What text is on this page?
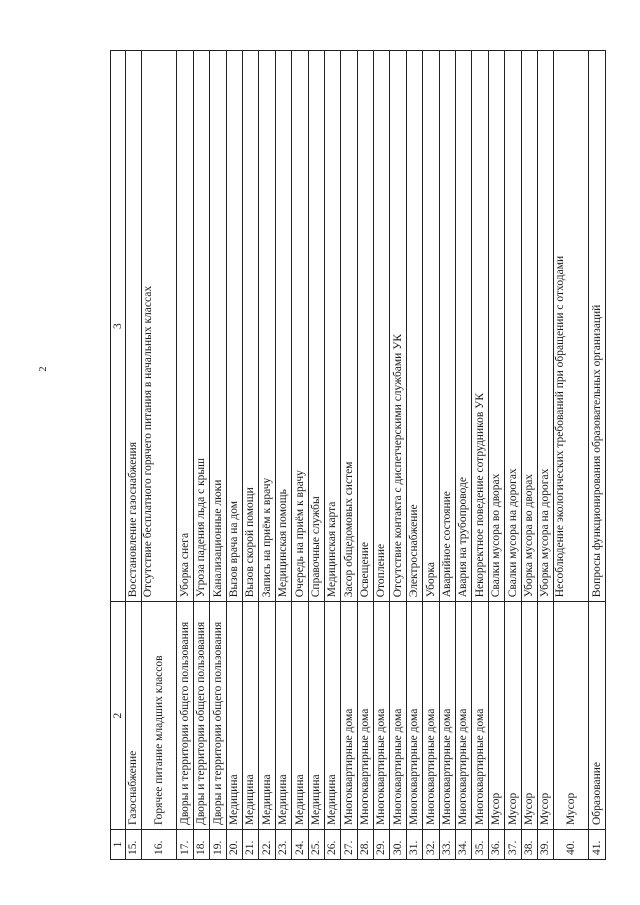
2
1	2	3
15.	Газоснабжение	Восстановление газоснабжения
16.	Горячее питание младших классов	Отсутствие бесплатного горячего питания в начальных классах
17.	Дворы и территории общего пользования	Уборка снега
18.	Дворы и территории общего пользования	Угроза падения льда с крыш
19.	Дворы и территории общего пользования	Канализационные люки
20.	Медицина	Вызов врача на дом
21.	Медицина	Вызов скорой помощи
22.	Медицина	Запись на приём к врачу
23.	Медицина	Медицинская помощь
24.	Медицина	Очередь на приём к врачу
25.	Медицина	Справочные службы
26.	Медицина	Медицинская карта
27.	Многоквартирные дома	Засор общедомовых систем
28.	Многоквартирные дома	Освещение
29.	Многоквартирные дома	Отопление
30.	Многоквартирные дома	Отсутствие контакта с диспетчерскими службами УК
31.	Многоквартирные дома	Электроснабжение
32.	Многоквартирные дома	Уборка
33.	Многоквартирные дома	Аварийное состояние
34.	Многоквартирные дома	Авария на трубопроводе
35.	Многоквартирные дома	Некорректное поведение сотрудников УК
36.	Мусор	Свалки мусора во дворах
37.	Мусор	Свалки мусора на дорогах
38.	Мусор	Уборка мусора во дворах
39.	Мусор	Уборка мусора на дорогах
40.	Мусор	Несоблюдение экологических требований при обращении с отходами
41.	Образование	Вопросы функционирования образовательных организаций
